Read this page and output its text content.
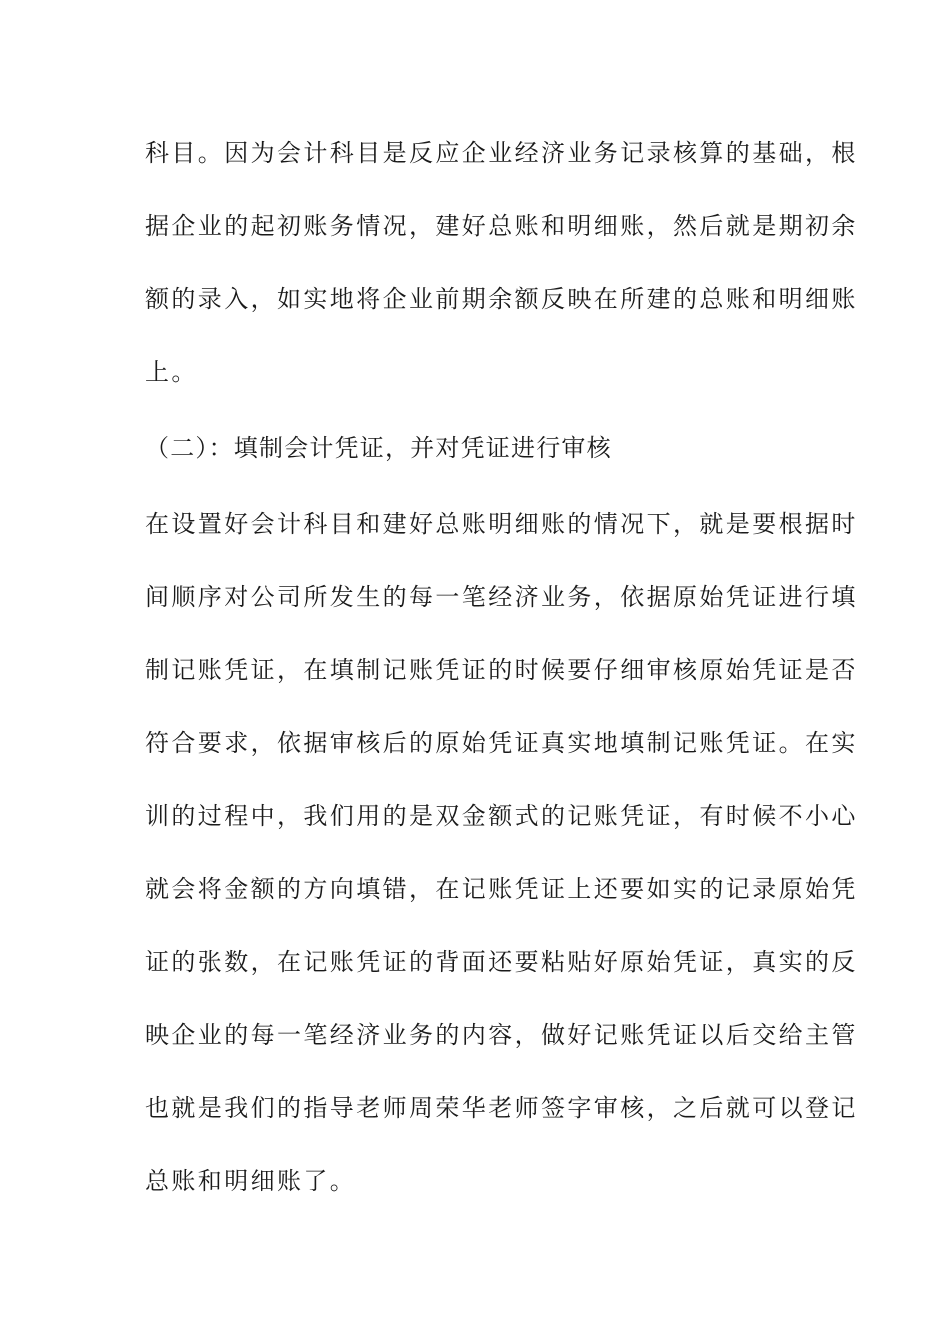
科目。因为会计科目是反应企业经济业务记录核算的基础，根
据企业的起初账务情况，建好总账和明细账，然后就是期初余
额的录入，如实地将企业前期余额反映在所建的总账和明细账
上。
（二）：填制会计凭证，并对凭证进行审核
在设置好会计科目和建好总账明细账的情况下，就是要根据时
间顺序对公司所发生的每一笔经济业务，依据原始凭证进行填
制记账凭证，在填制记账凭证的时候要仔细审核原始凭证是否
符合要求，依据审核后的原始凭证真实地填制记账凭证。在实
训的过程中，我们用的是双金额式的记账凭证，有时候不小心
就会将金额的方向填错，在记账凭证上还要如实的记录原始凭
证的张数，在记账凭证的背面还要粘贴好原始凭证，真实的反
映企业的每一笔经济业务的内容，做好记账凭证以后交给主管
也就是我们的指导老师周荣华老师签字审核，之后就可以登记
总账和明细账了。
